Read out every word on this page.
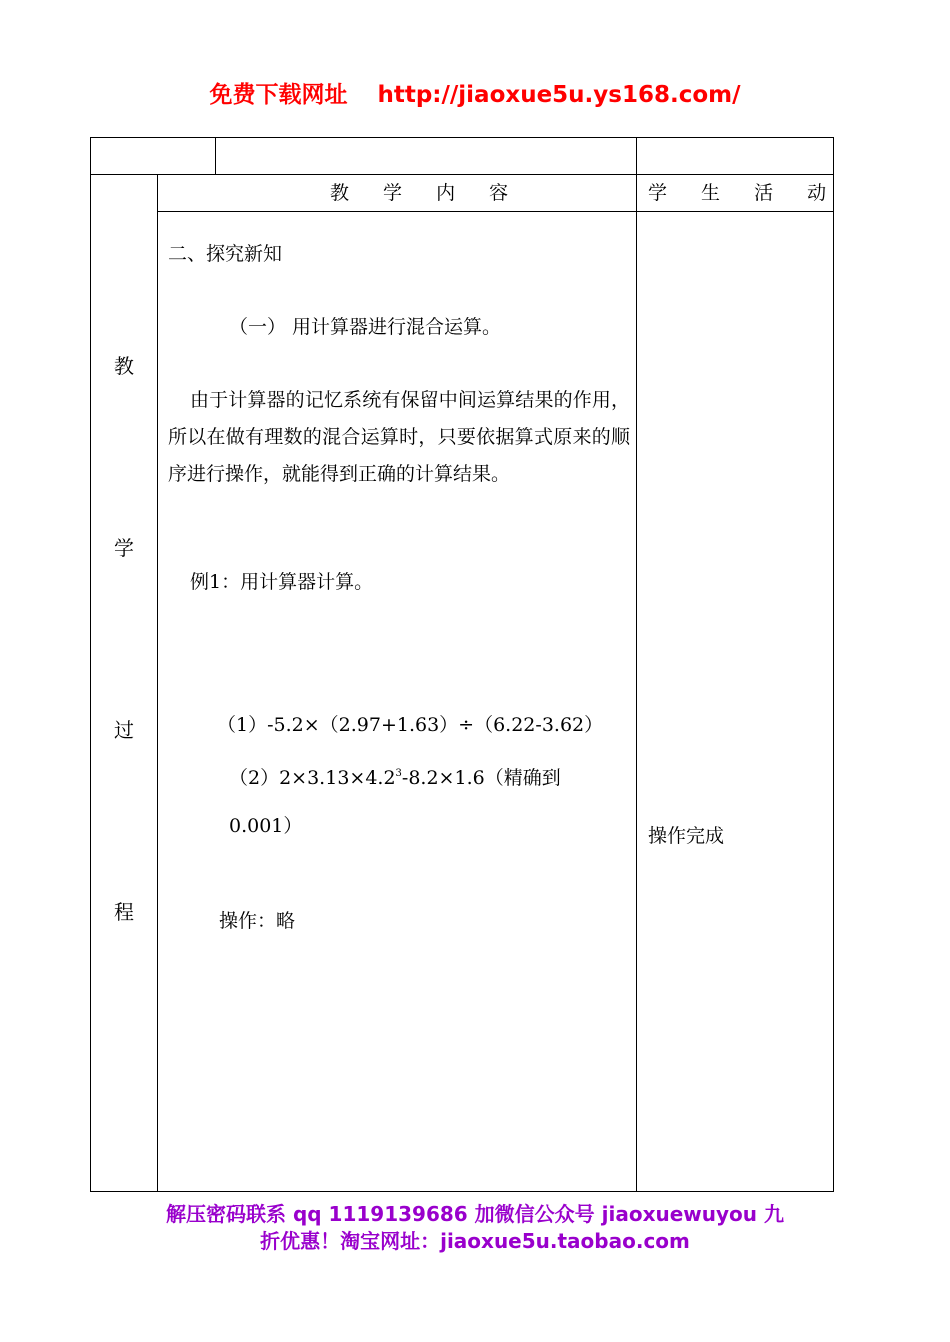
免费下载网址 http://jiaoxue5u.ys168.com/
教
学
过
程
教 学 内 容	学 生 活 动
二、探究新知
（一） 用计算器进行混合运算。
由于计算器的记忆系统有保留中间运算结果的作用，所以在做有理数的混合运算时，只要依据算式原来的顺序进行操作，就能得到正确的计算结果。
例1：用计算器计算。
（1）-5.2×（2.97+1.63）÷（6.22-3.62）
$(2)2\times 3.13\times 4.2^3-8.2\times 1.6$（精确到
0.001）
操作：略
操作完成
解压密码联系 qq 1119139686 加微信公众号 jiaoxuewuyou 九
折优惠！淘宝网址：jiaoxue5u.taobao.com
